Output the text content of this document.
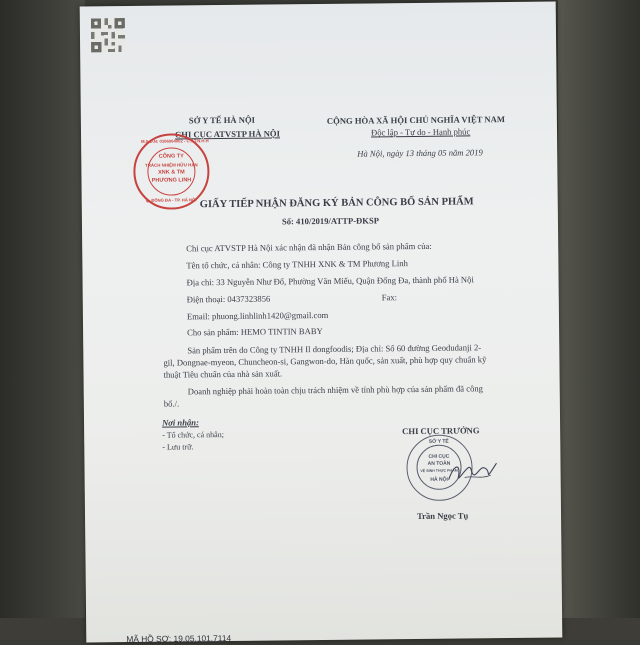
SỞ Y TẾ HÀ NỘI
CHI CỤC ATVSTP HÀ NỘI
CỘNG HÒA XÃ HỘI CHỦ NGHĨA VIỆT NAM
Độc lập - Tự do - Hạnh phúc
Hà Nội, ngày 13 tháng 05 năm 2019
M.S.D.N: 0106064002 - C.T.T.N.H.H
CÔNG TY
TRÁCH NHIỆM HỮU HẠN
XNK & TM
PHƯƠNG LINH
Q. ĐỐNG ĐA - TP. HÀ NỘI GIẤY TIẾP NHẬN ĐĂNG KÝ BẢN CÔNG BỐ SẢN PHẨM
Số: 410/2019/ATTP-ĐKSP
Chi cục ATVSTP Hà Nội xác nhận đã nhận Bản công bố sản phẩm của:
Tên tổ chức, cá nhân: Công ty TNHH XNK & TM Phương Linh
Địa chỉ: 33 Nguyễn Như Đổ, Phường Văn Miếu, Quận Đống Đa, thành phố Hà Nội
Điện thoại: 0437323856	Fax:
Email: phuong.linhlinh1420@gmail.com
Cho sản phẩm: HEMO TINTIN BABY
Sản phẩm trên do Công ty TNHH Il dongfoodis; Địa chỉ: Số 60 đường Geodudanji 2-
gil, Dongnae-myeon, Chuncheon-si, Gangwon-do, Hàn quốc, sản xuất, phù hợp quy chuẩn kỹ
thuật Tiêu chuẩn của nhà sản xuất.
Doanh nghiệp phải hoàn toàn chịu trách nhiệm về tính phù hợp của sản phẩm đã công
bố./.
Nơi nhận:
- Tổ chức, cá nhân;
- Lưu trữ.
CHI CỤC TRƯỞNG
SỞ Y TẾ
CHI CỤC
AN TOÀN
VỆ SINH THỰC PHẨM
HÀ NỘI
Trần Ngọc Tụ
MÃ HỒ SƠ: 19.05.101.7114
